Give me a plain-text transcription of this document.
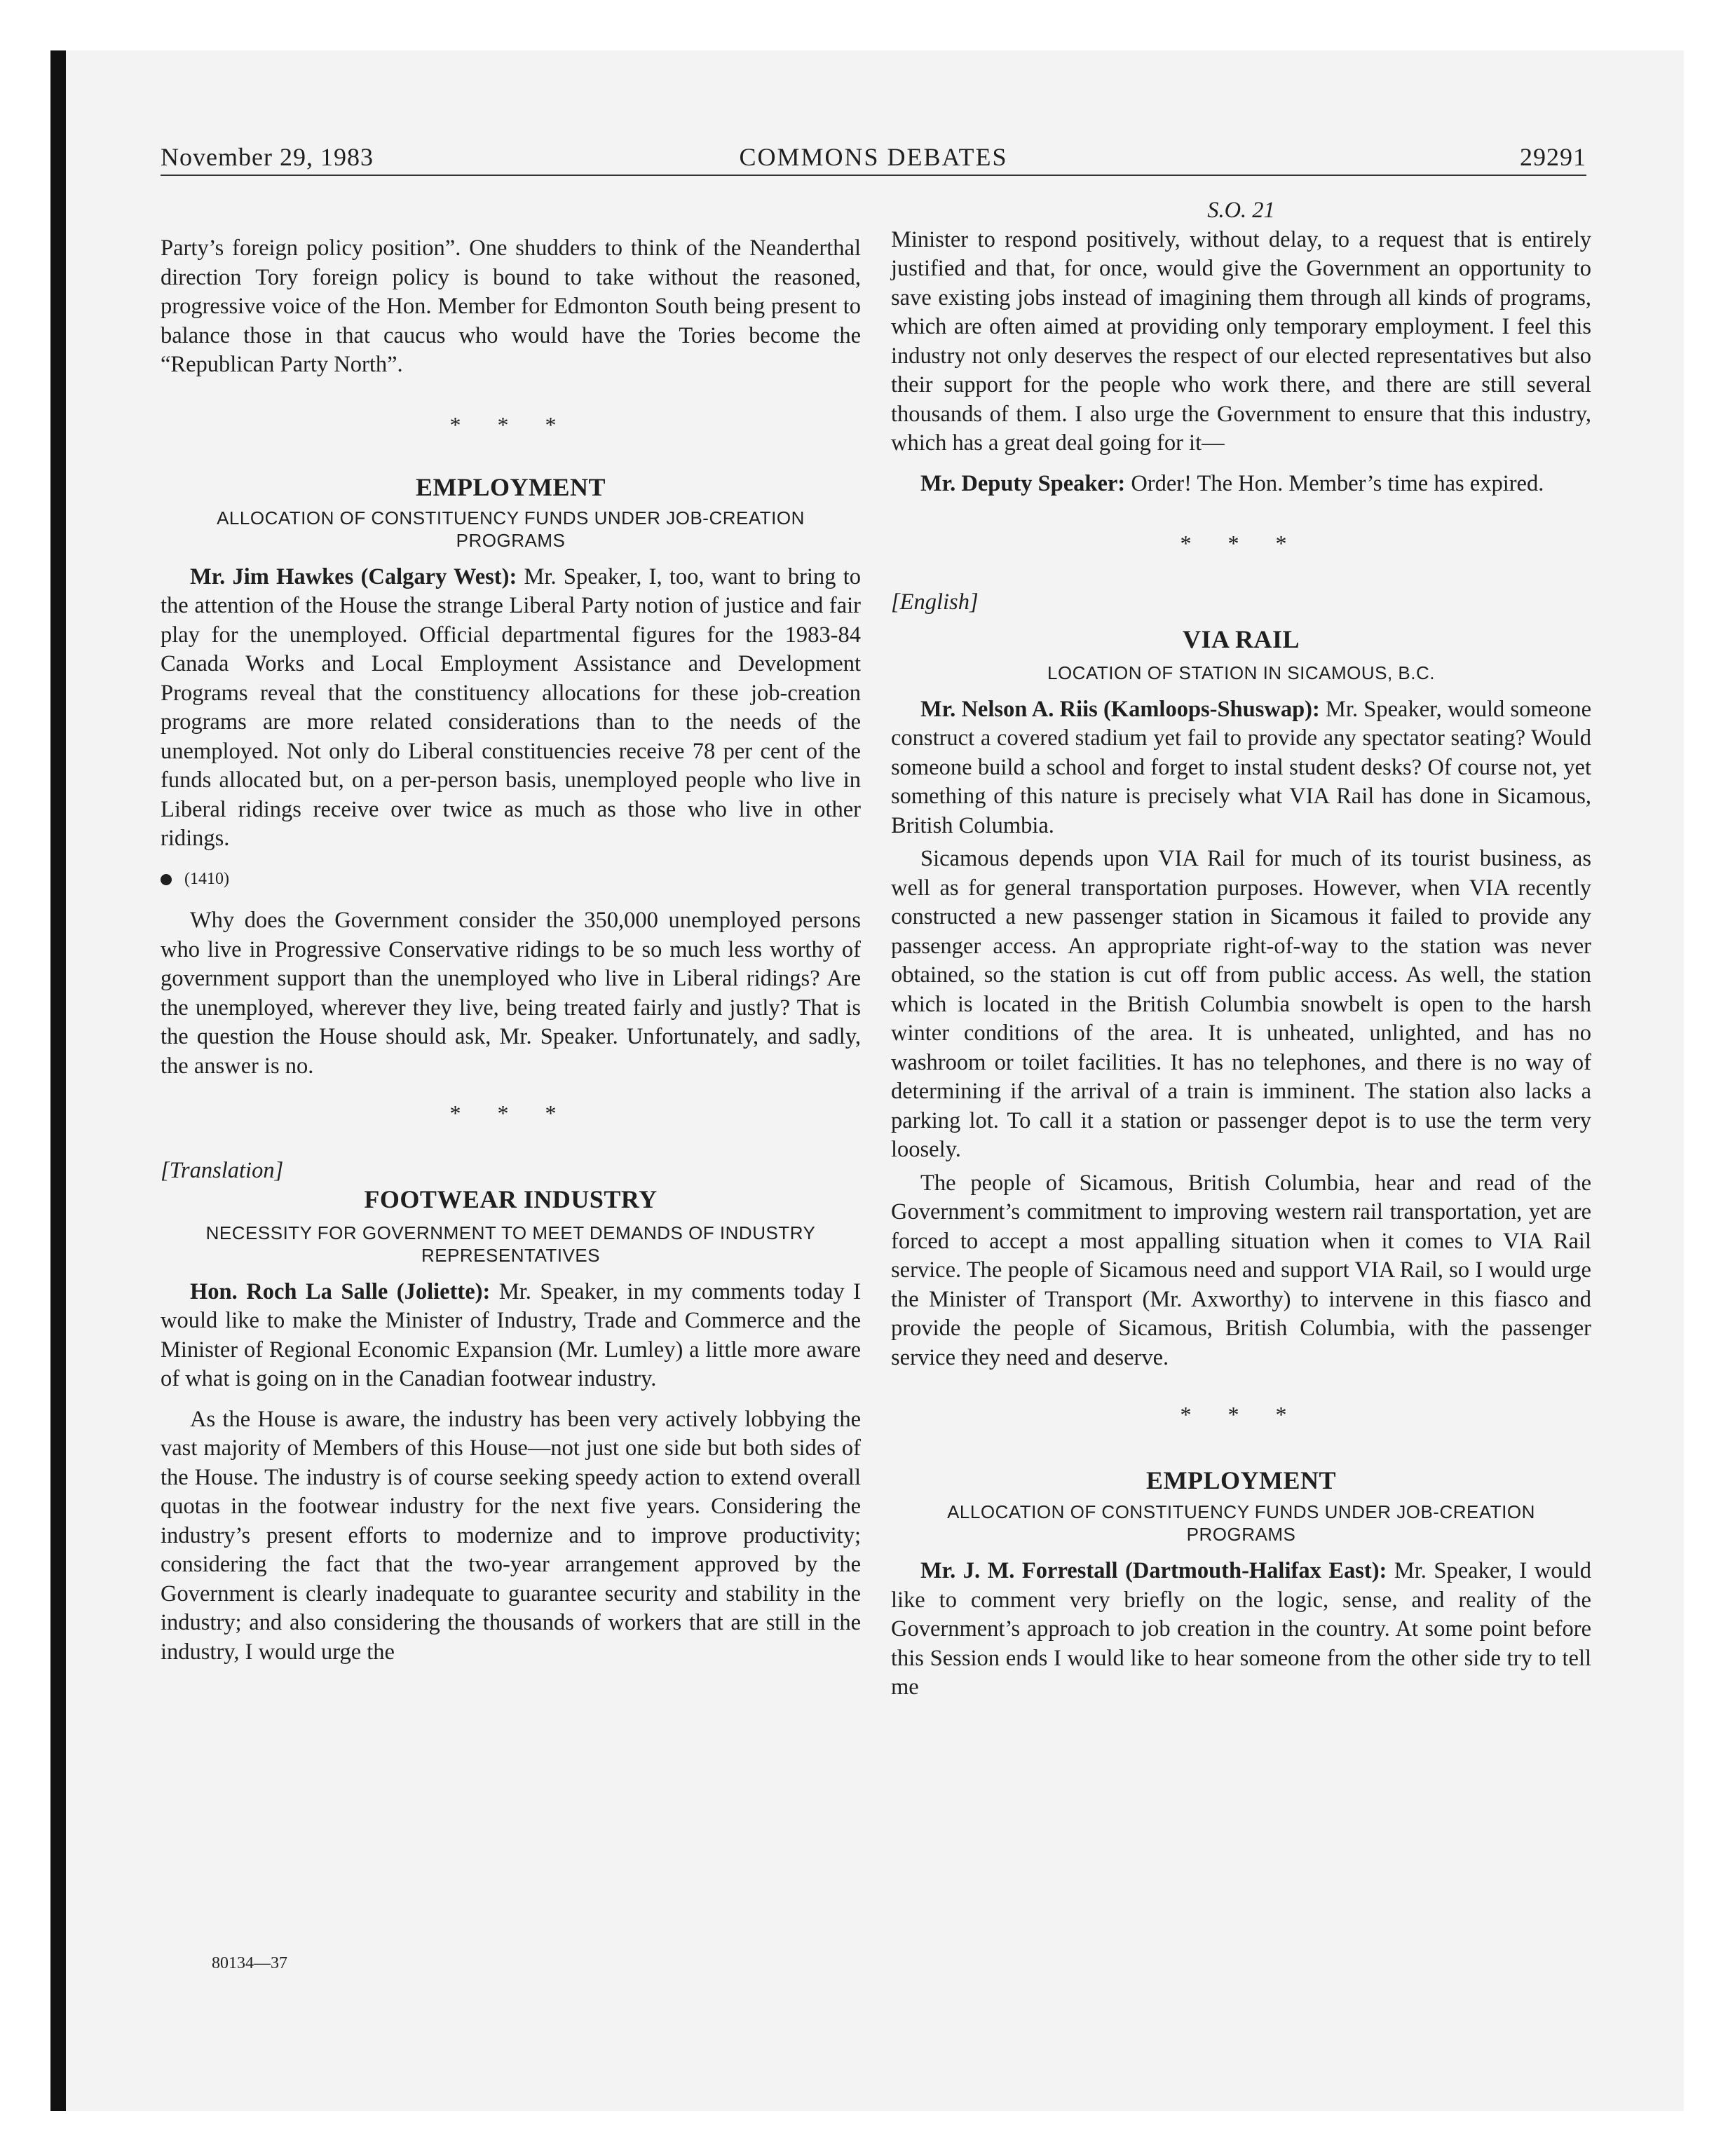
November 29, 1983	COMMONS DEBATES	29291

Party’s foreign policy position”. One shudders to think of the Neanderthal direction Tory foreign policy is bound to take without the reasoned, progressive voice of the Hon. Member for Edmonton South being present to balance those in that caucus who would have the Tories become the “Republican Party North”.

* * *
EMPLOYMENT
ALLOCATION OF CONSTITUENCY FUNDS UNDER JOB-CREATION PROGRAMS

Mr. Jim Hawkes (Calgary West): Mr. Speaker, I, too, want to bring to the attention of the House the strange Liberal Party notion of justice and fair play for the unemployed. Official departmental figures for the 1983-84 Canada Works and Local Employment Assistance and Development Programs reveal that the constituency allocations for these job-creation programs are more related considerations than to the needs of the unemployed. Not only do Liberal constituencies receive 78 per cent of the funds allocated but, on a per-person basis, unemployed people who live in Liberal ridings receive over twice as much as those who live in other ridings.

(1410)

Why does the Government consider the 350,000 unemployed persons who live in Progressive Conservative ridings to be so much less worthy of government support than the unemployed who live in Liberal ridings? Are the unemployed, wherever they live, being treated fairly and justly? That is the question the House should ask, Mr. Speaker. Unfortunately, and sadly, the answer is no.

* * *
[Translation]
FOOTWEAR INDUSTRY
NECESSITY FOR GOVERNMENT TO MEET DEMANDS OF INDUSTRY REPRESENTATIVES

Hon. Roch La Salle (Joliette): Mr. Speaker, in my comments today I would like to make the Minister of Industry, Trade and Commerce and the Minister of Regional Economic Expansion (Mr. Lumley) a little more aware of what is going on in the Canadian footwear industry.

As the House is aware, the industry has been very actively lobbying the vast majority of Members of this House—not just one side but both sides of the House. The industry is of course seeking speedy action to extend overall quotas in the footwear industry for the next five years. Considering the industry’s present efforts to modernize and to improve productivity; considering the fact that the two-year arrangement approved by the Government is clearly inadequate to guarantee security and stability in the industry; and also considering the thousands of workers that are still in the industry, I would urge the

S.O. 21

Minister to respond positively, without delay, to a request that is entirely justified and that, for once, would give the Government an opportunity to save existing jobs instead of imagining them through all kinds of programs, which are often aimed at providing only temporary employment. I feel this industry not only deserves the respect of our elected representatives but also their support for the people who work there, and there are still several thousands of them. I also urge the Government to ensure that this industry, which has a great deal going for it—

Mr. Deputy Speaker: Order! The Hon. Member’s time has expired.

* * *
[English]
VIA RAIL
LOCATION OF STATION IN SICAMOUS, B.C.

Mr. Nelson A. Riis (Kamloops-Shuswap): Mr. Speaker, would someone construct a covered stadium yet fail to provide any spectator seating? Would someone build a school and forget to instal student desks? Of course not, yet something of this nature is precisely what VIA Rail has done in Sicamous, British Columbia.

Sicamous depends upon VIA Rail for much of its tourist business, as well as for general transportation purposes. However, when VIA recently constructed a new passenger station in Sicamous it failed to provide any passenger access. An appropriate right-of-way to the station was never obtained, so the station is cut off from public access. As well, the station which is located in the British Columbia snowbelt is open to the harsh winter conditions of the area. It is unheated, unlighted, and has no washroom or toilet facilities. It has no telephones, and there is no way of determining if the arrival of a train is imminent. The station also lacks a parking lot. To call it a station or passenger depot is to use the term very loosely.

The people of Sicamous, British Columbia, hear and read of the Government’s commitment to improving western rail transportation, yet are forced to accept a most appalling situation when it comes to VIA Rail service. The people of Sicamous need and support VIA Rail, so I would urge the Minister of Transport (Mr. Axworthy) to intervene in this fiasco and provide the people of Sicamous, British Columbia, with the passenger service they need and deserve.

* * *
EMPLOYMENT
ALLOCATION OF CONSTITUENCY FUNDS UNDER JOB-CREATION PROGRAMS

Mr. J. M. Forrestall (Dartmouth-Halifax East): Mr. Speaker, I would like to comment very briefly on the logic, sense, and reality of the Government’s approach to job creation in the country. At some point before this Session ends I would like to hear someone from the other side try to tell me

80134—37
